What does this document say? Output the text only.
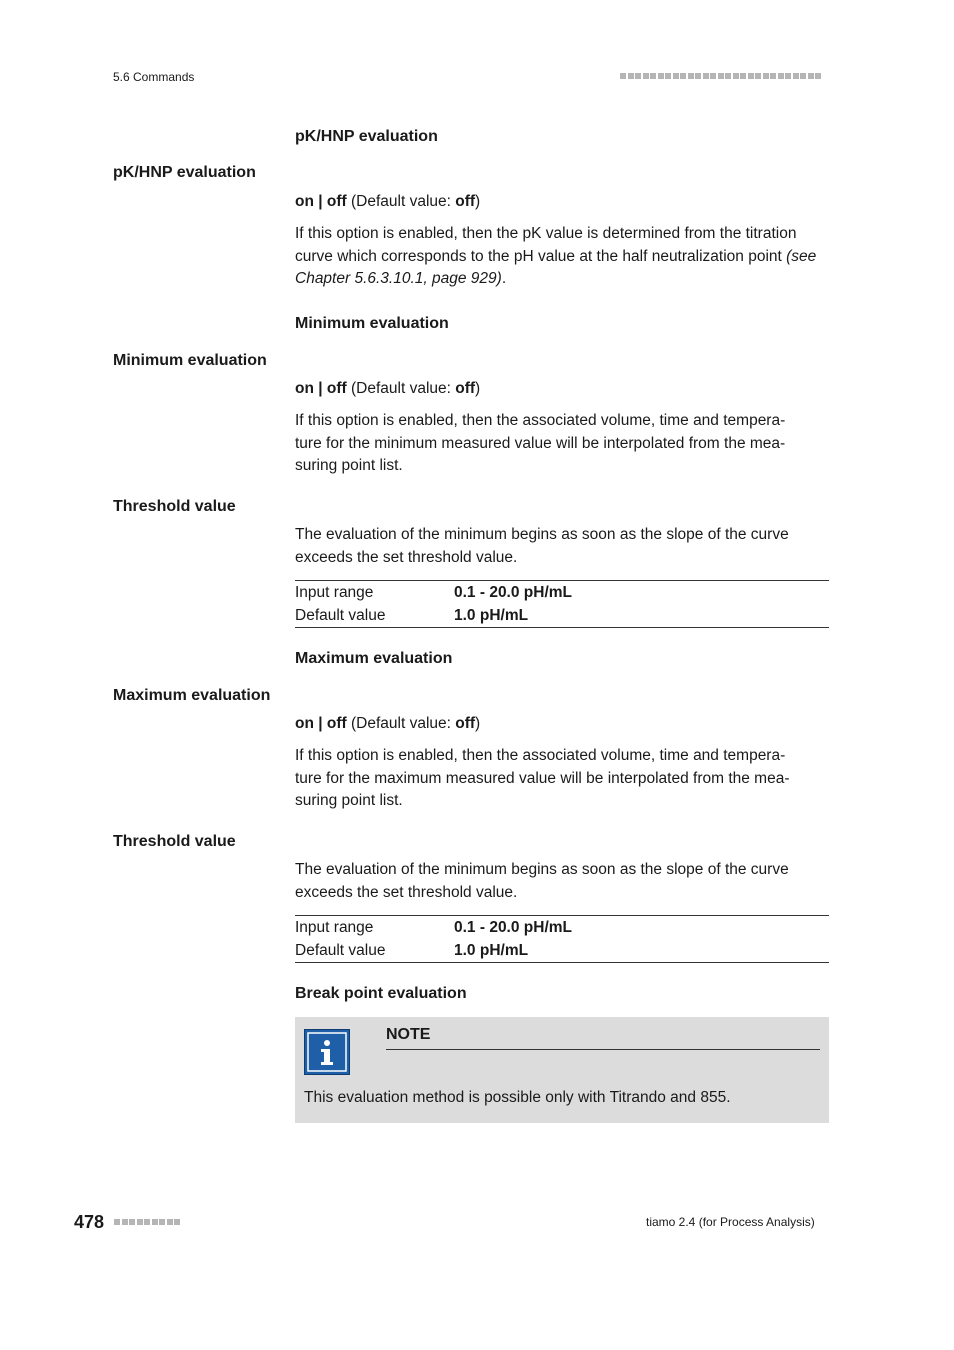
5.6 Commands
pK/HNP evaluation
pK/HNP evaluation
on | off (Default value: off)
If this option is enabled, then the pK value is determined from the titration curve which corresponds to the pH value at the half neutralization point (see Chapter 5.6.3.10.1, page 929).
Minimum evaluation
Minimum evaluation
on | off (Default value: off)
If this option is enabled, then the associated volume, time and tempera-
ture for the minimum measured value will be interpolated from the mea-
suring point list.
Threshold value
The evaluation of the minimum begins as soon as the slope of the curve
exceeds the set threshold value.
Input range	0.1 - 20.0 pH/mL
Default value	1.0 pH/mL
Maximum evaluation
Maximum evaluation
on | off (Default value: off)
If this option is enabled, then the associated volume, time and tempera-
ture for the maximum measured value will be interpolated from the mea-
suring point list.
Threshold value
The evaluation of the minimum begins as soon as the slope of the curve
exceeds the set threshold value.
Input range	0.1 - 20.0 pH/mL
Default value	1.0 pH/mL
Break point evaluation
NOTE
This evaluation method is possible only with Titrando and 855.
478	tiamo 2.4 (for Process Analysis)
